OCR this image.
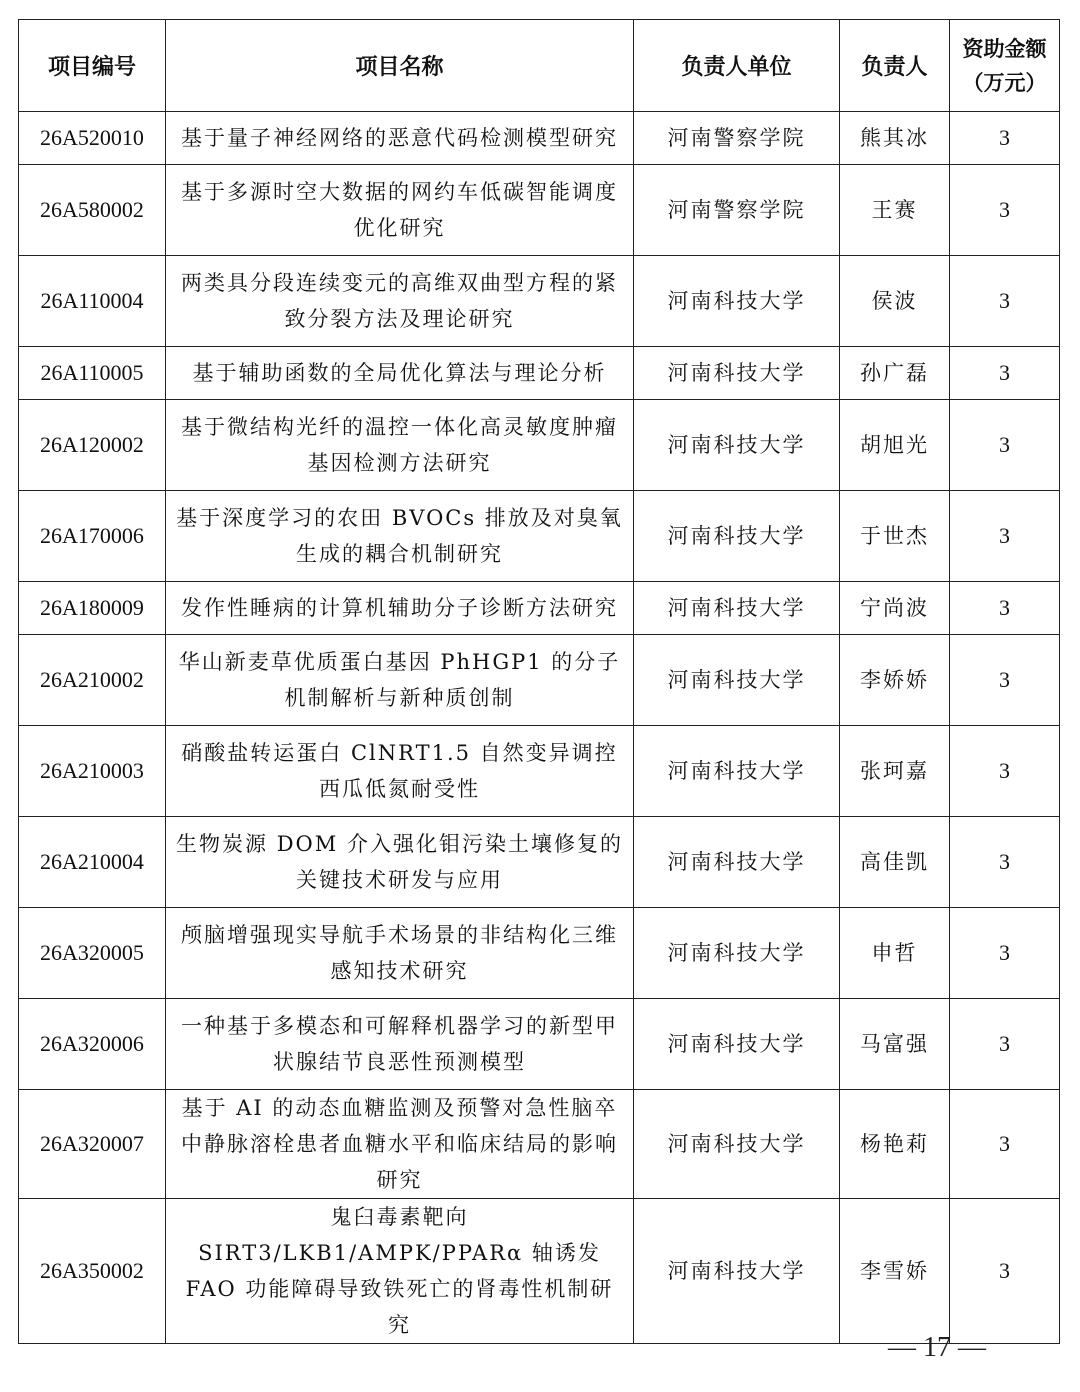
项目编号	项目名称	负责人单位	负责人	资助金额
（万元）

26A520010	基于量子神经网络的恶意代码检测模型研究	河南警察学院	熊其冰	3
26A580002	基于多源时空大数据的网约车低碳智能调度优化研究	河南警察学院	王赛	3
26A110004	两类具分段连续变元的高维双曲型方程的紧致分裂方法及理论研究	河南科技大学	侯波	3
26A110005	基于辅助函数的全局优化算法与理论分析	河南科技大学	孙广磊	3
26A120002	基于微结构光纤的温控一体化高灵敏度肿瘤基因检测方法研究	河南科技大学	胡旭光	3
26A170006	基于深度学习的农田 BVOCs 排放及对臭氧生成的耦合机制研究	河南科技大学	于世杰	3
26A180009	发作性睡病的计算机辅助分子诊断方法研究	河南科技大学	宁尚波	3
26A210002	华山新麦草优质蛋白基因 PhHGP1 的分子机制解析与新种质创制	河南科技大学	李娇娇	3
26A210003	硝酸盐转运蛋白 ClNRT1.5 自然变异调控西瓜低氮耐受性	河南科技大学	张珂嘉	3
26A210004	生物炭源 DOM 介入强化钼污染土壤修复的关键技术研发与应用	河南科技大学	高佳凯	3
26A320005	颅脑增强现实导航手术场景的非结构化三维感知技术研究	河南科技大学	申哲	3
26A320006	一种基于多模态和可解释机器学习的新型甲状腺结节良恶性预测模型	河南科技大学	马富强	3
26A320007	基于 AI 的动态血糖监测及预警对急性脑卒中静脉溶栓患者血糖水平和临床结局的影响研究	河南科技大学	杨艳莉	3
26A350002	鬼臼毒素靶向 SIRT3/LKB1/AMPK/PPARα 轴诱发 FAO 功能障碍导致铁死亡的肾毒性机制研究	河南科技大学	李雪娇	3
— 17 —
